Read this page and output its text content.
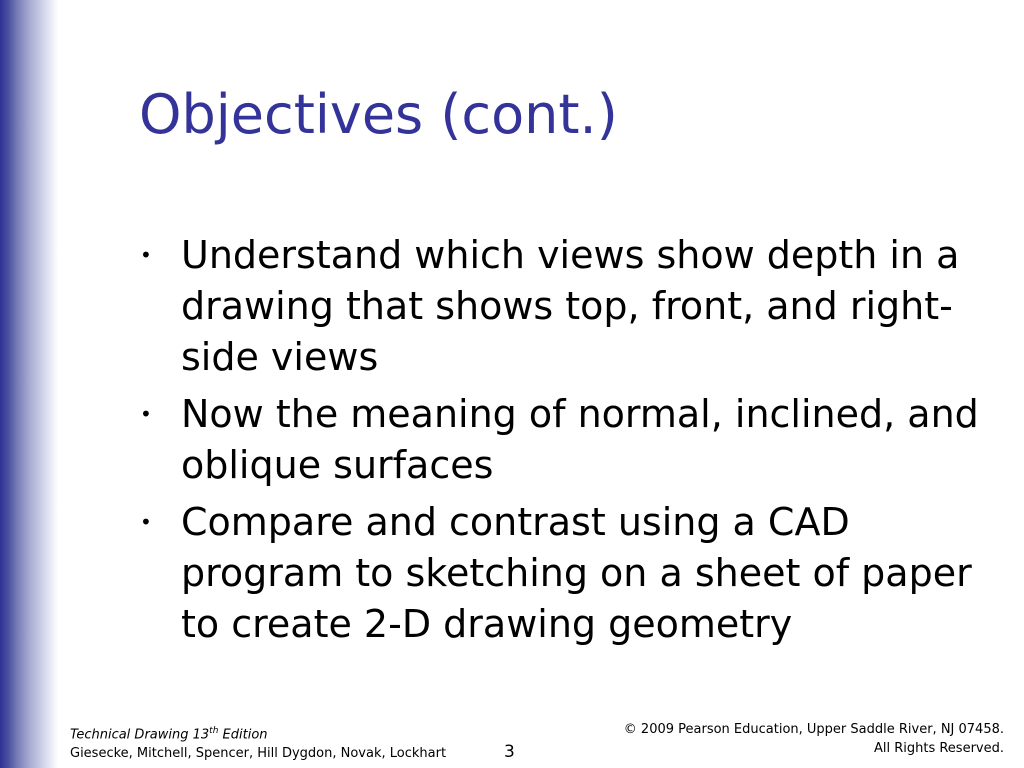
Objectives (cont.)
• Understand which views show depth in a drawing that shows top, front, and right-side views
• Now the meaning of normal, inclined, and oblique surfaces
• Compare and contrast using a CAD program to sketching on a sheet of paper to create 2-D drawing geometry
Technical Drawing 13th Edition
Giesecke, Mitchell, Spencer, Hill Dygdon, Novak, Lockhart	3
© 2009 Pearson Education, Upper Saddle River, NJ 07458.
All Rights Reserved.
